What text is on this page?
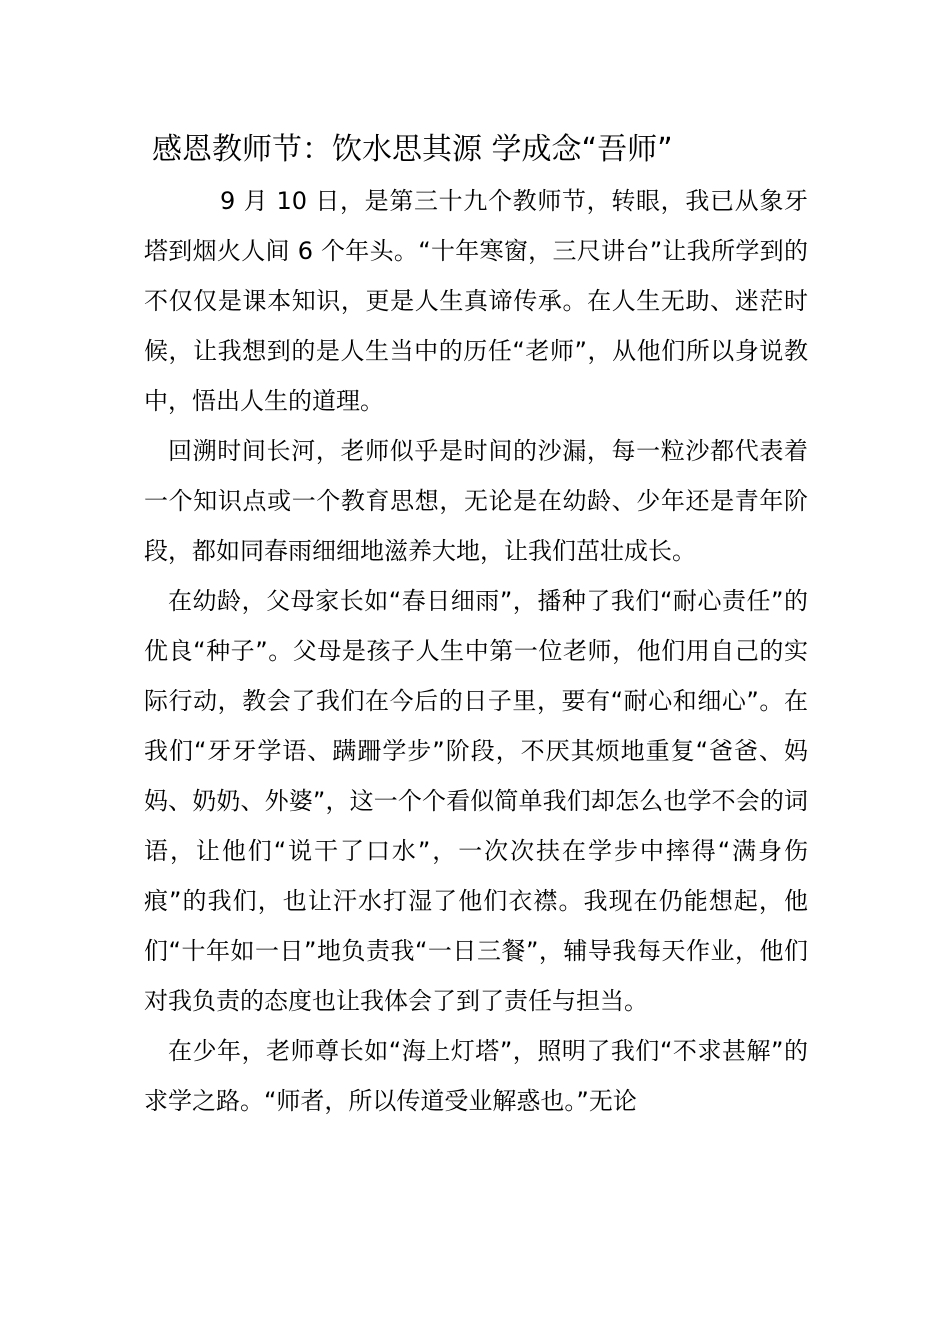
感恩教师节：饮水思其源 学成念“吾师”

9 月 10 日，是第三十九个教师节，转眼，我已从象牙塔到烟火人间 6 个年头。“十年寒窗，三尺讲台”让我所学到的不仅仅是课本知识，更是人生真谛传承。在人生无助、迷茫时候，让我想到的是人生当中的历任“老师”，从他们所以身说教中，悟出人生的道理。

回溯时间长河，老师似乎是时间的沙漏，每一粒沙都代表着一个知识点或一个教育思想，无论是在幼龄、少年还是青年阶段，都如同春雨细细地滋养大地，让我们茁壮成长。

在幼龄，父母家长如“春日细雨”，播种了我们“耐心责任”的优良“种子”。父母是孩子人生中第一位老师，他们用自己的实际行动，教会了我们在今后的日子里，要有“耐心和细心”。在我们“牙牙学语、蹒跚学步”阶段，不厌其烦地重复“爸爸、妈妈、奶奶、外婆”，这一个个看似简单我们却怎么也学不会的词语，让他们“说干了口水”，一次次扶在学步中摔得“满身伤痕”的我们，也让汗水打湿了他们衣襟。我现在仍能想起，他们“十年如一日”地负责我“一日三餐”，辅导我每天作业，他们对我负责的态度也让我体会了到了责任与担当。

在少年，老师尊长如“海上灯塔”，照明了我们“不求甚解”的求学之路。“师者，所以传道受业解惑也。”无论
